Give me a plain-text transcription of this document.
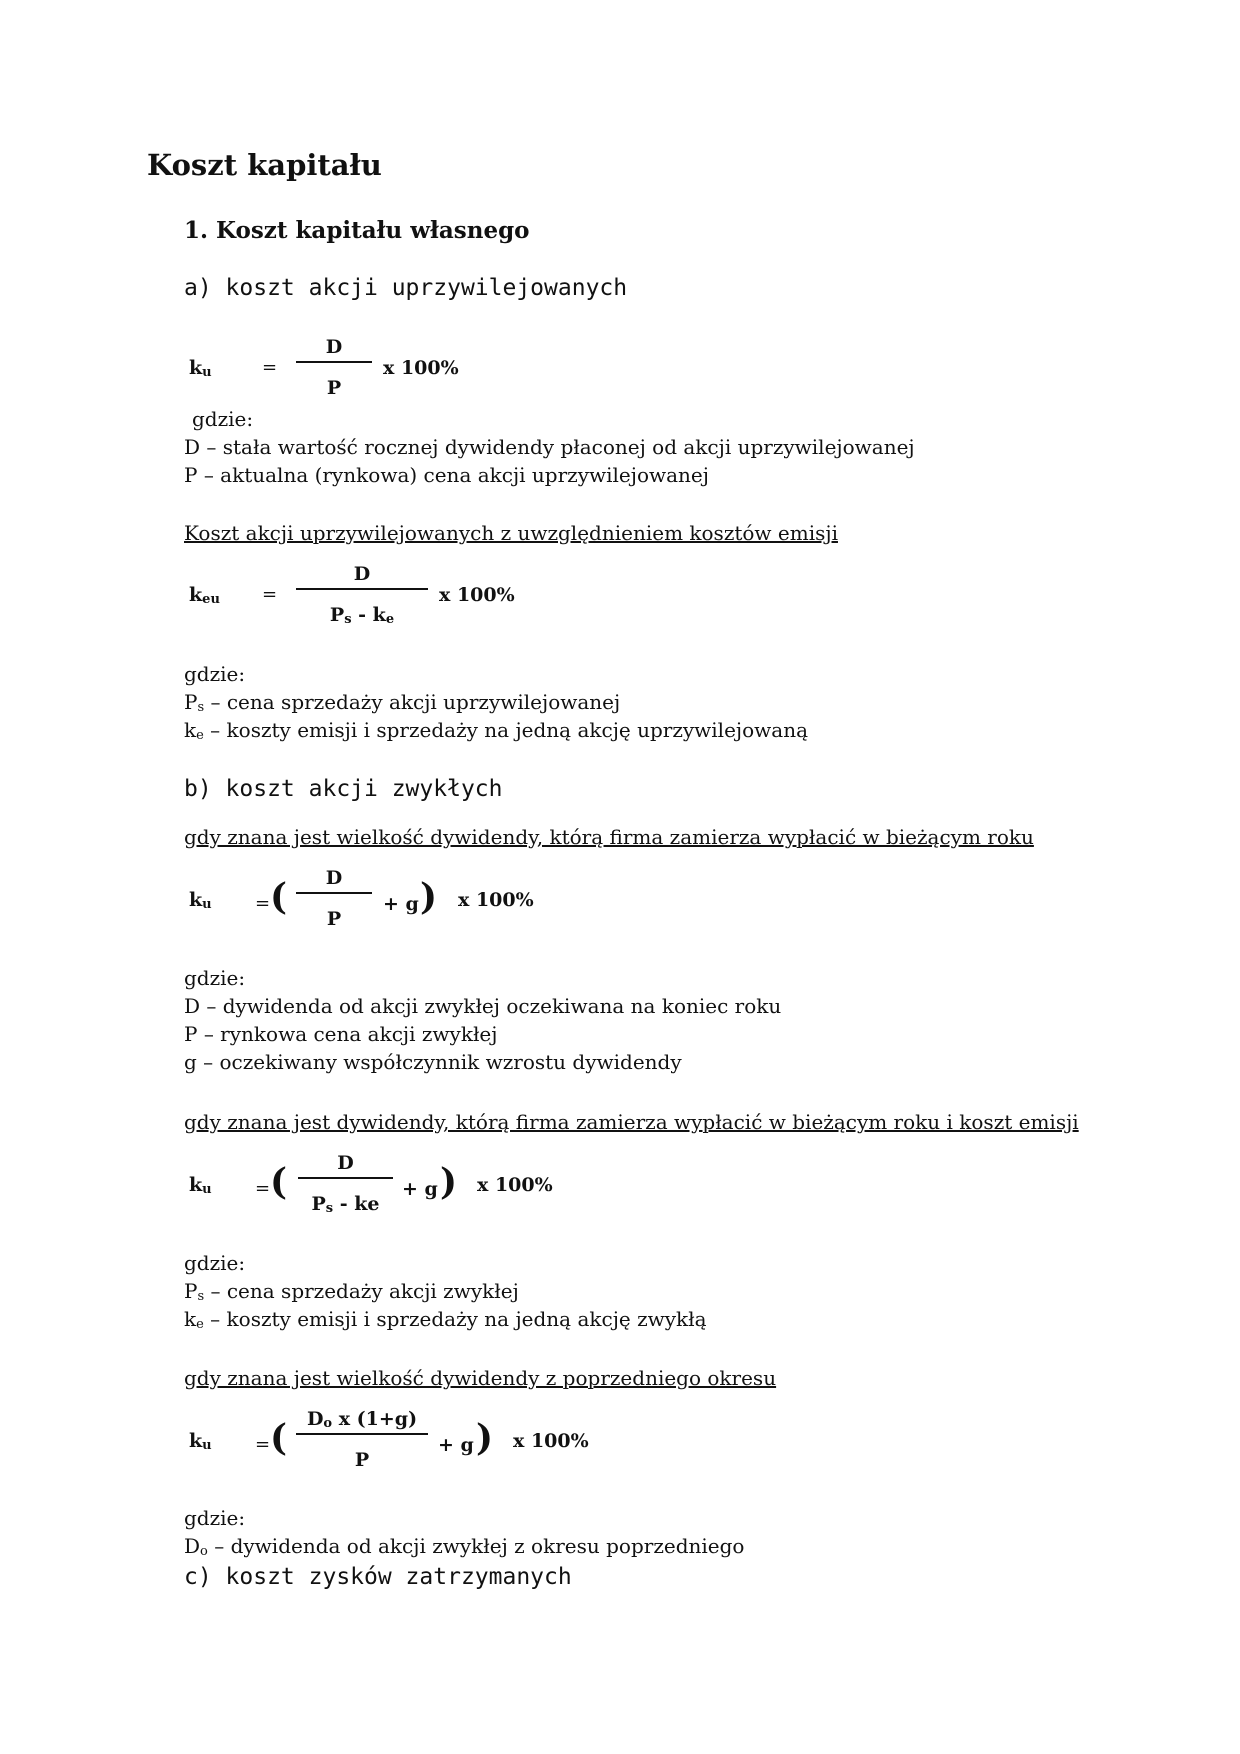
Koszt kapitału
1. Koszt kapitału własnego
a) koszt akcji uprzywilejowanych
ku	=
D
P
x 100%
gdzie:
D – stała wartość rocznej dywidendy płaconej od akcji uprzywilejowanej
P – aktualna (rynkowa) cena akcji uprzywilejowanej
Koszt akcji uprzywilejowanych z uwzględnieniem kosztów emisji
keu =
D
Ps - ke
x 100%
gdzie:
Ps – cena sprzedaży akcji uprzywilejowanej
ke – koszty emisji i sprzedaży na jedną akcję uprzywilejowaną
b) koszt akcji zwykłych
gdy znana jest wielkość dywidendy, którą firma zamierza wypłacić w bieżącym roku
ku = (	D
P
+ g ) x 100%
gdzie:
D – dywidenda od akcji zwykłej oczekiwana na koniec roku
P – rynkowa cena akcji zwykłej
g – oczekiwany współczynnik wzrostu dywidendy
gdy znana jest dywidendy, którą firma zamierza wypłacić w bieżącym roku i koszt emisji
ku = (	D
Ps - ke
+ g ) x 100%
gdzie:
Ps – cena sprzedaży akcji zwykłej
ke – koszty emisji i sprzedaży na jedną akcję zwykłą
gdy znana jest wielkość dywidendy z poprzedniego okresu
ku = (	Do x (1+g)
P
+ g ) x 100%
gdzie:
Do – dywidenda od akcji zwykłej z okresu poprzedniego
c) koszt zysków zatrzymanych
